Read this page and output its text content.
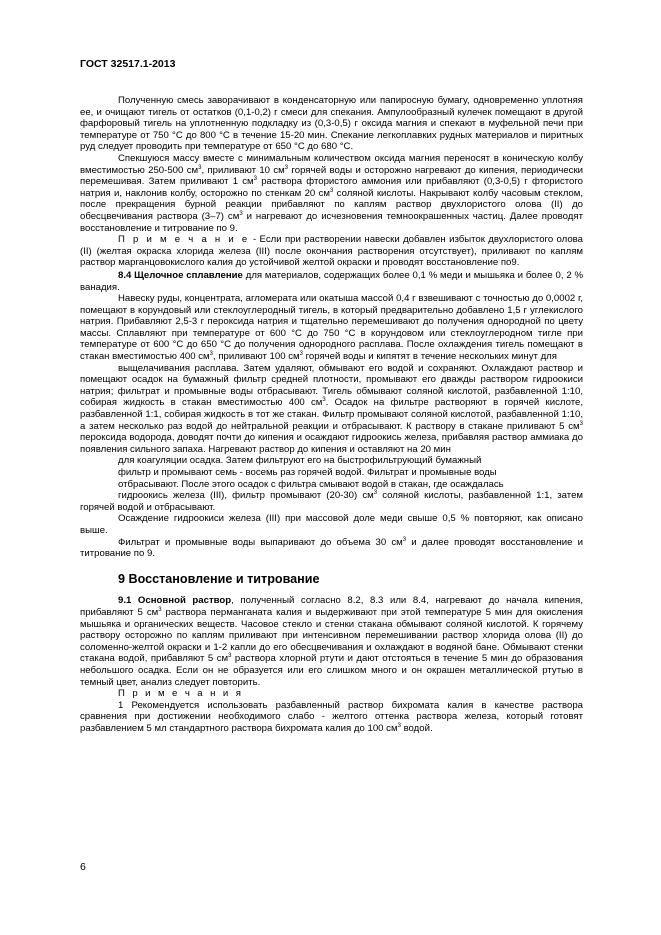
ГОСТ 32517.1-2013

Полученную смесь заворачивают в конденсаторную или папиросную бумагу, одновременно уплотняя ее, и очищают тигель от остатков (0,1-0,2) г смеси для спекания. Ампулообразный кулечек помещают в другой фарфоровый тигель на уплотненную подкладку из (0,3-0,5) г оксида магния и спекают в муфельной печи при температуре от 750 °С до 800 °С в течение 15-20 мин. Спекание легкоплавких рудных материалов и пиритных руд следует проводить при температуре от 650 °С до 680 °С.

Спекшуюся массу вместе с минимальным количеством оксида магния переносят в коническую колбу вместимостью 250-500 $см^3$, приливают 10 $см^3$ горячей воды и осторожно нагревают до кипения, периодически перемешивая. Затем приливают 1 $см^3$ раствора фтористого аммония или прибавляют (0,3-0,5) г фтористого натрия и, наклонив колбу, осторожно по стенкам 20 $см^3$ соляной кислоты. Накрывают колбу часовым стеклом, после прекращения бурной реакции прибавляют по каплям раствор двухлористого олова (II) до обесцвечивания раствора (3–7) $см^3$ и нагревают до исчезновения темноокрашенных частиц. Далее проводят восстановление и титрование по 9.

П р и м е ч а н и е - Если при растворении навески добавлен избыток двухлористого олова (II) (желтая окраска хлорида железа (III) после окончания растворения отсутствует), приливают по каплям раствор марганцовокислого калия до устойчивой желтой окраски и проводят восстановление по9.

8.4 Щелочное сплавление для материалов, содержащих более 0,1 % меди и мышьяка и более 0, 2 % ванадия.

Навеску руды, концентрата, агломерата или окатыша массой 0,4 г взвешивают с точностью до 0,0002 г, помещают в корундовый или стеклоуглеродный тигель, в который предварительно добавлено 1,5 г углекислого натрия. Прибавляют 2,5-3 г пероксида натрия и тщательно перемешивают до получения однородной по цвету массы. Сплавляют при температуре от 600 °С до 750 °С в корундовом или стеклоуглеродном тигле при температуре от 600 °С до 650 °С до получения однородного расплава. После охлаждения тигель помещают в стакан вместимостью 400 $см^3$, приливают 100 $см^3$ горячей воды и кипятят в течение нескольких минут для

выщелачивания расплава. Затем удаляют, обмывают его водой и сохраняют. Охлаждают раствор и помещают осадок на бумажный фильтр средней плотности, промывают его дважды раствором гидроокиси натрия; фильтрат и промывные воды отбрасывают. Тигель обмывают соляной кислотой, разбавленной 1:10, собирая жидкость в стакан вместимостью 400 $см^3$. Осадок на фильтре растворяют в горячей кислоте, разбавленной 1:1, собирая жидкость в тот же стакан. Фильтр промывают соляной кислотой, разбавленной 1:10, а затем несколько раз водой до нейтральной реакции и отбрасывают. К раствору в стакане приливают 5 $см^3$ пероксида водорода, доводят почти до кипения и осаждают гидроокись железа, прибавляя раствор аммиака до появления сильного запаха. Нагревают раствор до кипения и оставляют на 20 мин

для коагуляции осадка. Затем фильтруют его на быстрофильтрующий бумажный

фильтр и промывают семь - восемь раз горячей водой. Фильтрат и промывные воды

отбрасывают. После этого осадок с фильтра смывают водой в стакан, где осаждалась

гидроокись железа (III), фильтр промывают (20-30) $см^3$ соляной кислоты, разбавленной 1:1, затем горячей водой и отбрасывают.

Осаждение гидроокиси железа (III) при массовой доле меди свыше 0,5 % повторяют, как описано выше.

Фильтрат и промывные воды выпаривают до объема 30 $см^3$ и далее проводят восстановление и титрование по 9.

9 Восстановление и титрование

9.1 Основной раствор, полученный согласно 8.2, 8.3 или 8.4, нагревают до начала кипения, прибавляют 5 $см^3$ раствора перманганата калия и выдерживают при этой температуре 5 мин для окисления мышьяка и органических веществ. Часовое стекло и стенки стакана обмывают соляной кислотой. К горячему раствору осторожно по каплям приливают при интенсивном перемешивании раствор хлорида олова (II) до соломенно-желтой окраски и 1-2 капли до его обесцвечивания и охлаждают в водяной бане. Обмывают стенки стакана водой, прибавляют 5 $см^3$ раствора хлорной ртути и дают отстояться в течение 5 мин до образования небольшого осадка. Если он не образуется или его слишком много и он окрашен металлической ртутью в темный цвет, анализ следует повторить.

П р и м е ч а н и я

1 Рекомендуется использовать разбавленный раствор бихромата калия в качестве раствора сравнения при достижении необходимого слабо - желтого оттенка раствора железа, который готовят разбавлением 5 мл стандартного раствора бихромата калия до 100 $см^3$ водой.

6
